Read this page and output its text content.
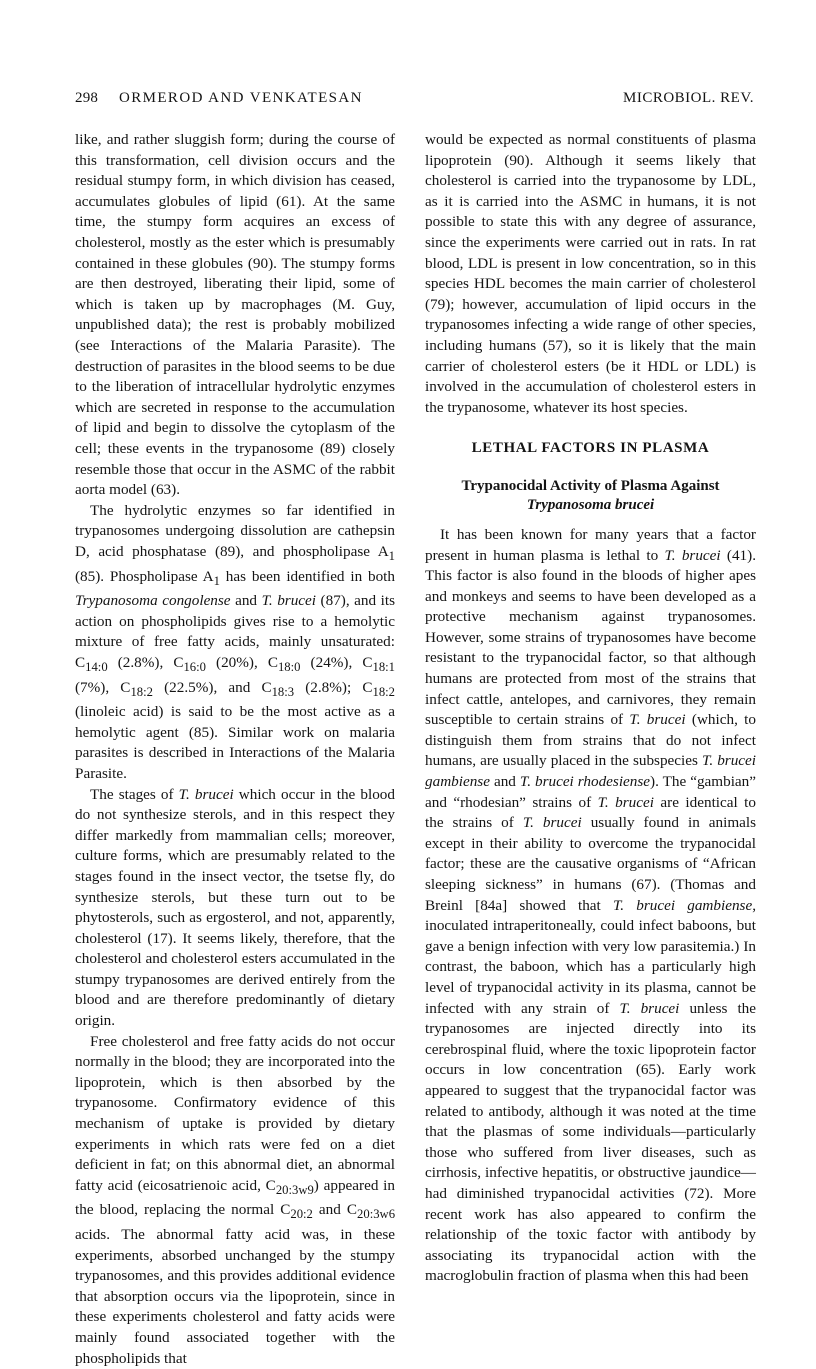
298 ORMEROD AND VENKATESAN	MICROBIOL. REV.

like, and rather sluggish form; during the course of this transformation, cell division occurs and the residual stumpy form, in which division has ceased, accumulates globules of lipid (61). At the same time, the stumpy form acquires an excess of cholesterol, mostly as the ester which is presumably contained in these globules (90). The stumpy forms are then destroyed, liberating their lipid, some of which is taken up by macrophages (M. Guy, unpublished data); the rest is probably mobilized (see Interactions of the Malaria Parasite). The destruction of parasites in the blood seems to be due to the liberation of intracellular hydrolytic enzymes which are secreted in response to the accumulation of lipid and begin to dissolve the cytoplasm of the cell; these events in the trypanosome (89) closely resemble those that occur in the ASMC of the rabbit aorta model (63).

The hydrolytic enzymes so far identified in trypanosomes undergoing dissolution are cathepsin D, acid phosphatase (89), and phospholipase $A_1$ (85). Phospholipase $A_1$ has been identified in both Trypanosoma congolense and T. brucei (87), and its action on phospholipids gives rise to a hemolytic mixture of free fatty acids, mainly unsaturated: $C_{14:0}$ (2.8%), $C_{16:0}$ (20%), $C_{18:0}$ (24%), $C_{18:1}$ (7%), $C_{18:2}$ (22.5%), and $C_{18:3}$ (2.8%); $C_{18:2}$ (linoleic acid) is said to be the most active as a hemolytic agent (85). Similar work on malaria parasites is described in Interactions of the Malaria Parasite.

The stages of T. brucei which occur in the blood do not synthesize sterols, and in this respect they differ markedly from mammalian cells; moreover, culture forms, which are presumably related to the stages found in the insect vector, the tsetse fly, do synthesize sterols, but these turn out to be phytosterols, such as ergosterol, and not, apparently, cholesterol (17). It seems likely, therefore, that the cholesterol and cholesterol esters accumulated in the stumpy trypanosomes are derived entirely from the blood and are therefore predominantly of dietary origin.

Free cholesterol and free fatty acids do not occur normally in the blood; they are incorporated into the lipoprotein, which is then absorbed by the trypanosome. Confirmatory evidence of this mechanism of uptake is provided by dietary experiments in which rats were fed on a diet deficient in fat; on this abnormal diet, an abnormal fatty acid (eicosatrienoic acid, $C_{20:3w9}$) appeared in the blood, replacing the normal $C_{20:2}$ and $C_{20:3w6}$ acids. The abnormal fatty acid was, in these experiments, absorbed unchanged by the stumpy trypanosomes, and this provides additional evidence that absorption occurs via the lipoprotein, since in these experiments cholesterol and fatty acids were mainly found associated together with the phospholipids that

would be expected as normal constituents of plasma lipoprotein (90). Although it seems likely that cholesterol is carried into the trypanosome by LDL, as it is carried into the ASMC in humans, it is not possible to state this with any degree of assurance, since the experiments were carried out in rats. In rat blood, LDL is present in low concentration, so in this species HDL becomes the main carrier of cholesterol (79); however, accumulation of lipid occurs in the trypanosomes infecting a wide range of other species, including humans (57), so it is likely that the main carrier of cholesterol esters (be it HDL or LDL) is involved in the accumulation of cholesterol esters in the trypanosome, whatever its host species.

LETHAL FACTORS IN PLASMA
Trypanocidal Activity of Plasma Against
Trypanosoma brucei

It has been known for many years that a factor present in human plasma is lethal to T. brucei (41). This factor is also found in the bloods of higher apes and monkeys and seems to have been developed as a protective mechanism against trypanosomes. However, some strains of trypanosomes have become resistant to the trypanocidal factor, so that although humans are protected from most of the strains that infect cattle, antelopes, and carnivores, they remain susceptible to certain strains of T. brucei (which, to distinguish them from strains that do not infect humans, are usually placed in the subspecies T. brucei gambiense and T. brucei rhodesiense). The “gambian” and “rhodesian” strains of T. brucei are identical to the strains of T. brucei usually found in animals except in their ability to overcome the trypanocidal factor; these are the causative organisms of “African sleeping sickness” in humans (67). (Thomas and Breinl [84a] showed that T. brucei gambiense, inoculated intraperitoneally, could infect baboons, but gave a benign infection with very low parasitemia.) In contrast, the baboon, which has a particularly high level of trypanocidal activity in its plasma, cannot be infected with any strain of T. brucei unless the trypanosomes are injected directly into its cerebrospinal fluid, where the toxic lipoprotein factor occurs in low concentration (65). Early work appeared to suggest that the trypanocidal factor was related to antibody, although it was noted at the time that the plasmas of some individuals—particularly those who suffered from liver diseases, such as cirrhosis, infective hepatitis, or obstructive jaundice—had diminished trypanocidal activities (72). More recent work has also appeared to confirm the relationship of the toxic factor with antibody by associating its trypanocidal action with the macroglobulin fraction of plasma when this had been
